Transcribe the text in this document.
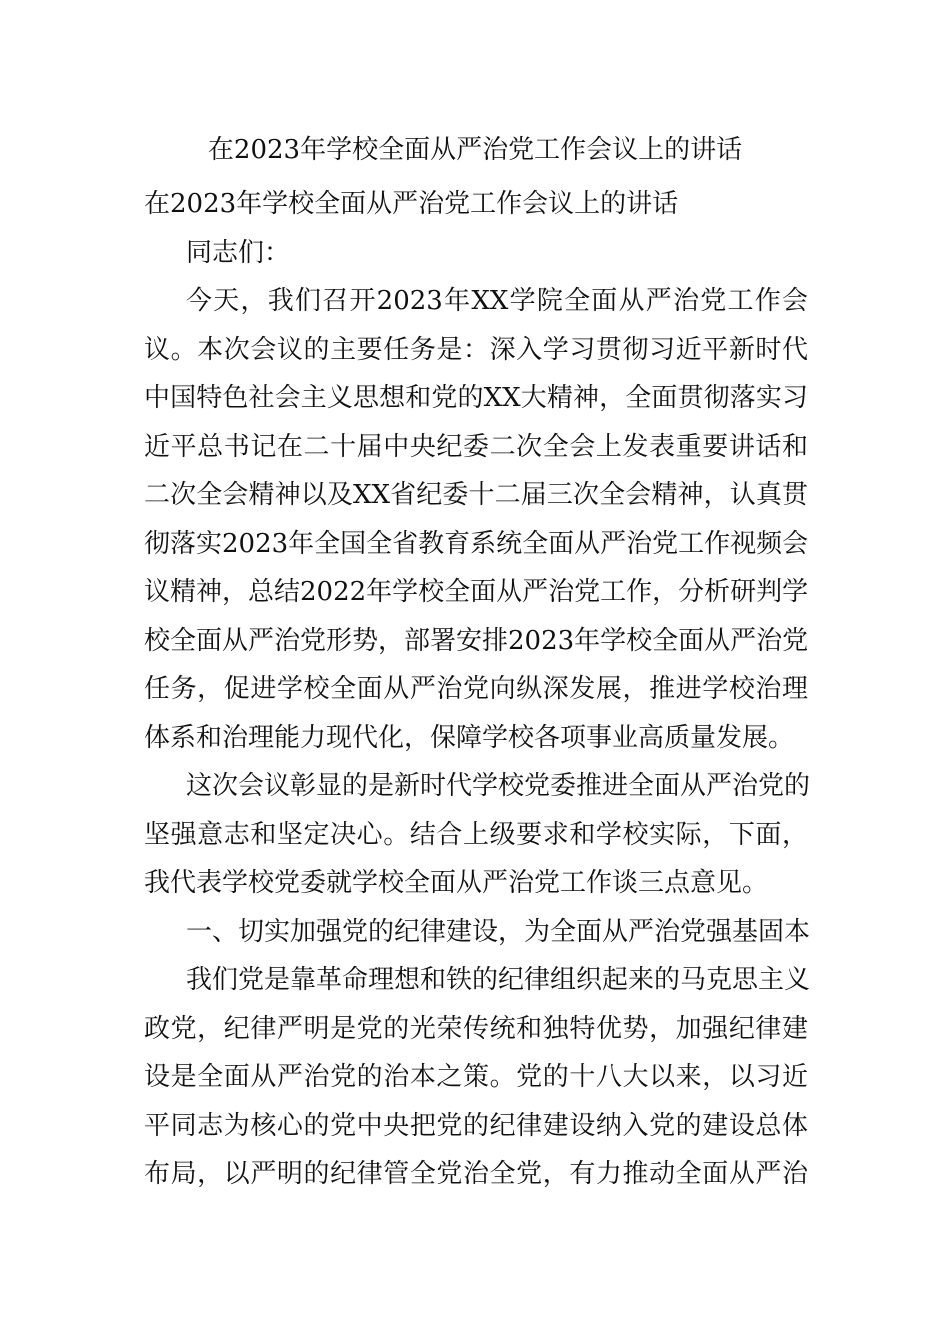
在2023年学校全面从严治党工作会议上的讲话
在2023年学校全面从严治党工作会议上的讲话
同志们：
今天，我们召开2023年XX学院全面从严治党工作会
议。本次会议的主要任务是：深入学习贯彻习近平新时代
中国特色社会主义思想和党的XX大精神，全面贯彻落实习
近平总书记在二十届中央纪委二次全会上发表重要讲话和
二次全会精神以及XX省纪委十二届三次全会精神，认真贯
彻落实2023年全国全省教育系统全面从严治党工作视频会
议精神，总结2022年学校全面从严治党工作，分析研判学
校全面从严治党形势，部署安排2023年学校全面从严治党
任务，促进学校全面从严治党向纵深发展，推进学校治理
体系和治理能力现代化，保障学校各项事业高质量发展。
这次会议彰显的是新时代学校党委推进全面从严治党的
坚强意志和坚定决心。结合上级要求和学校实际，下面，
我代表学校党委就学校全面从严治党工作谈三点意见。
一、切实加强党的纪律建设，为全面从严治党强基固本
我们党是靠革命理想和铁的纪律组织起来的马克思主义
政党，纪律严明是党的光荣传统和独特优势，加强纪律建
设是全面从严治党的治本之策。党的十八大以来，以习近
平同志为核心的党中央把党的纪律建设纳入党的建设总体
布局，以严明的纪律管全党治全党，有力推动全面从严治
